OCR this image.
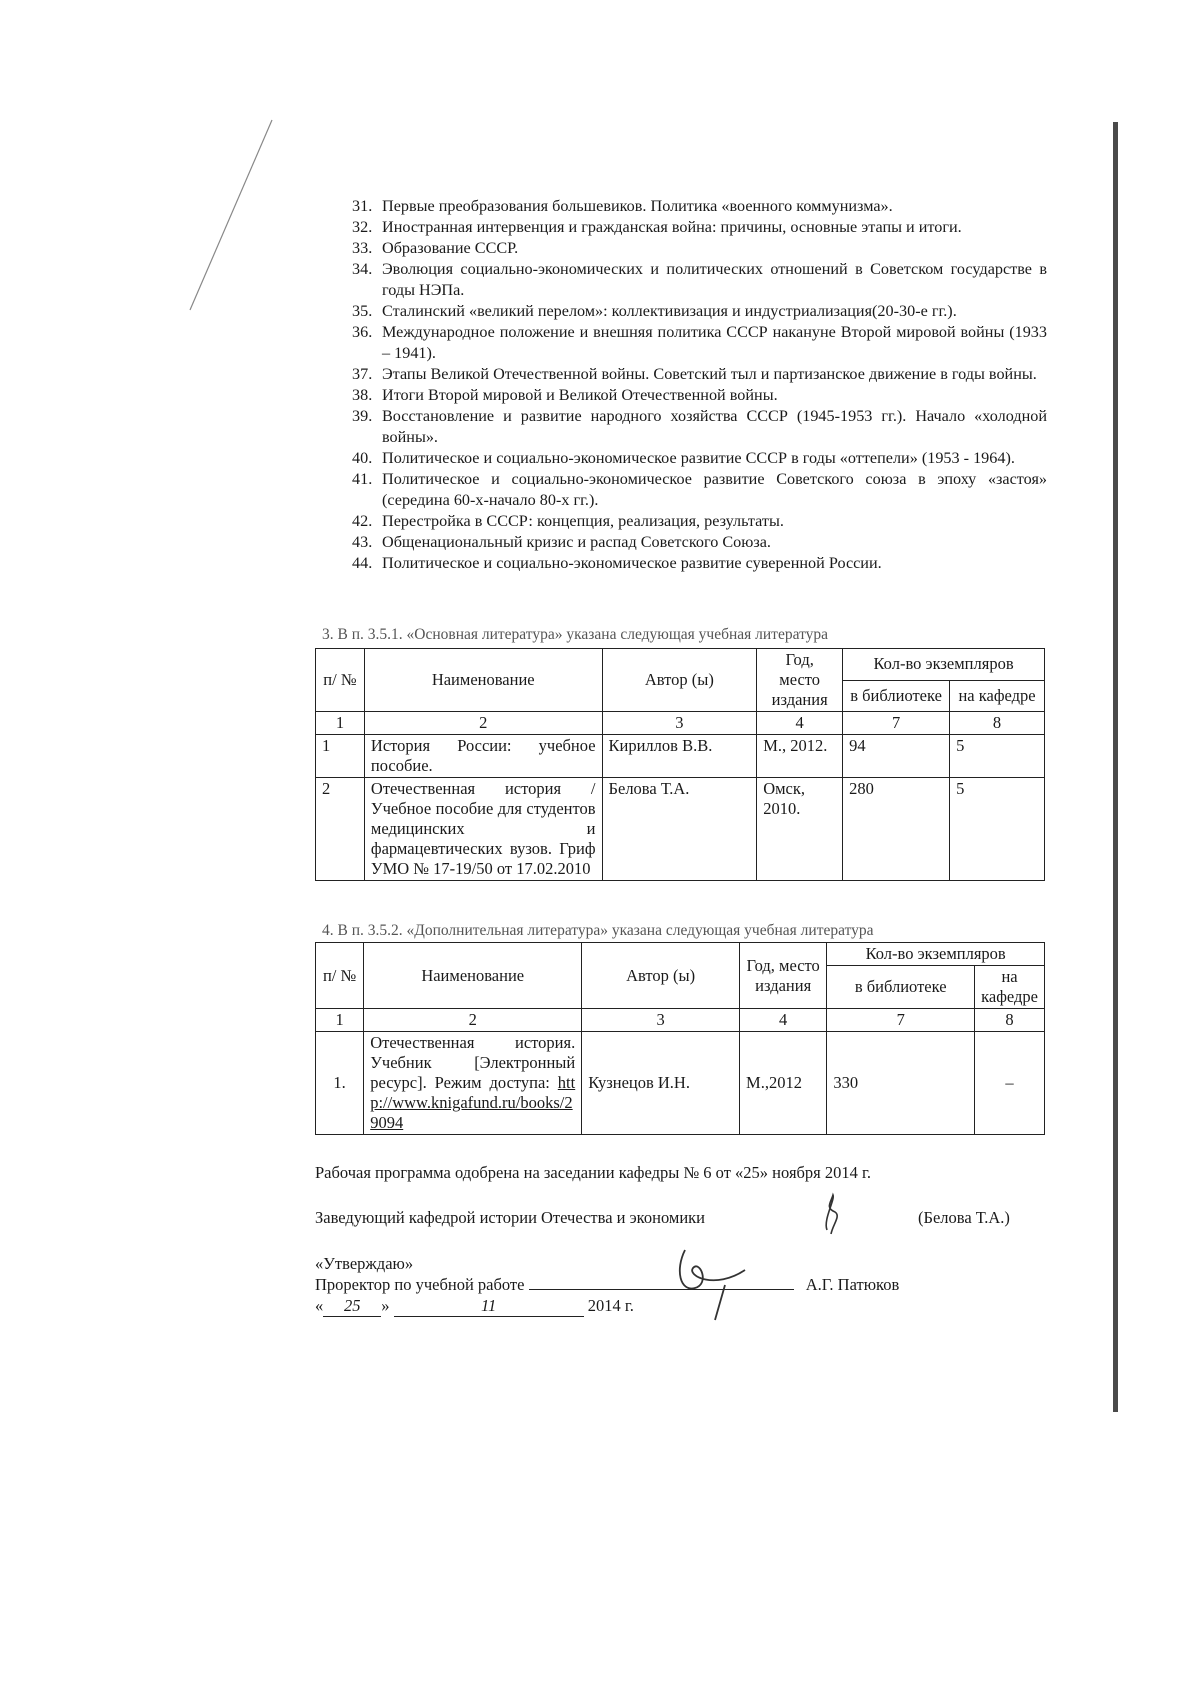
31. Первые преобразования большевиков. Политика «военного коммунизма».
32. Иностранная интервенция и гражданская война: причины, основные этапы и итоги.
33. Образование СССР.
34. Эволюция социально-экономических и политических отношений в Советском государстве в годы НЭПа.
35. Сталинский «великий перелом»: коллективизация и индустриализация(20-30-е гг.).
36. Международное положение и внешняя политика СССР накануне Второй мировой войны (1933 – 1941).
37. Этапы Великой Отечественной войны. Советский тыл и партизанское движение в годы войны.
38. Итоги Второй мировой и Великой Отечественной войны.
39. Восстановление и развитие народного хозяйства СССР (1945-1953 гг.). Начало «холодной войны».
40. Политическое и социально-экономическое развитие СССР в годы «оттепели» (1953 - 1964).
41. Политическое и социально-экономическое развитие Советского союза в эпоху «застоя» (середина 60-х-начало 80-х гг.).
42. Перестройка в СССР: концепция, реализация, результаты.
43. Общенациональный кризис и распад Советского Союза.
44. Политическое и социально-экономическое развитие суверенной России.
3. В п. 3.5.1. «Основная литература» указана следующая учебная литература
п/ №	Наименование	Автор (ы)	Год, место издания	Кол-во экземпляров	
				в библиотеке	на кафедре
1	2	3	4	7	8
1	История России: учебное пособие.	Кириллов В.В.	М., 2012.	94	5
2	Отечественная история / Учебное пособие для студентов медицинских и фармацевтических вузов. Гриф УМО № 17-19/50 от 17.02.2010	Белова Т.А.	Омск, 2010.	280	5
4. В п. 3.5.2. «Дополнительная литература» указана следующая учебная литература
п/ №	Наименование	Автор (ы)	Год, место издания	Кол-во экземпляров	
				в библиотеке	на кафедре
1	2	3	4	7	8
1.	Отечественная история. Учебник [Электронный ресурс]. Режим доступа: http://www.knigafund.ru/books/29094	Кузнецов И.Н.	М.,2012	330	–
Рабочая программа одобрена на заседании кафедры № 6 от «25» ноября 2014 г.
Заведующий кафедрой истории Отечества и экономики	(Белова Т.А.)
«Утверждаю»
Проректор по учебной работе	А.Г. Патюков
« 25 »	11	2014 г.
